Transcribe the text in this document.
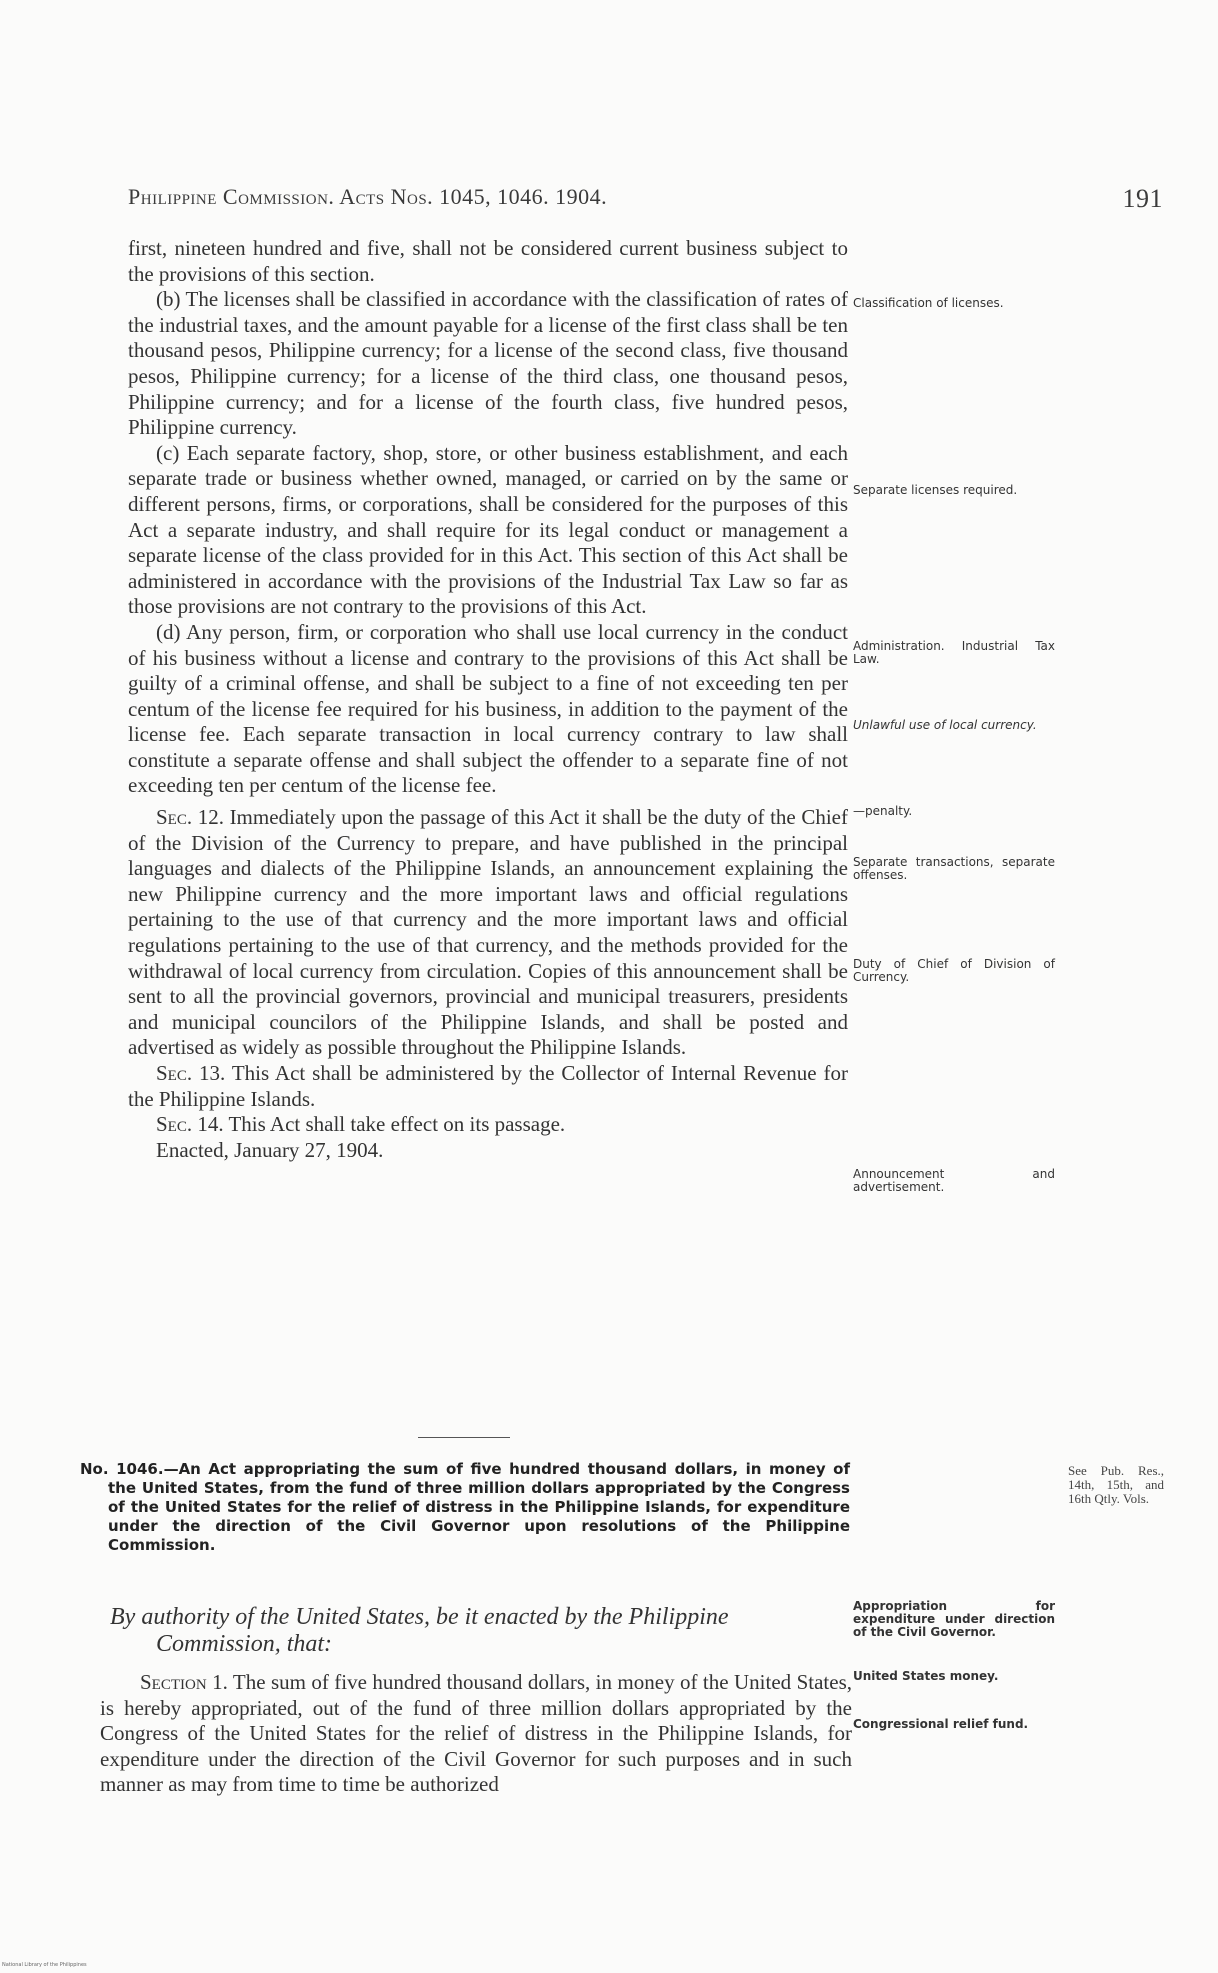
Philippine Commission. Acts Nos. 1045, 1046. 1904.	191

first, nineteen hundred and five, shall not be considered current business subject to the provisions of this section.

(b) The licenses shall be classified in accordance with the classification of rates of the industrial taxes, and the amount payable for a license of the first class shall be ten thousand pesos, Philippine currency; for a license of the second class, five thousand pesos, Philippine currency; for a license of the third class, one thousand pesos, Philippine currency; and for a license of the fourth class, five hundred pesos, Philippine currency.

(c) Each separate factory, shop, store, or other business establishment, and each separate trade or business whether owned, managed, or carried on by the same or different persons, firms, or corporations, shall be considered for the purposes of this Act a separate industry, and shall require for its legal conduct or management a separate license of the class provided for in this Act. This section of this Act shall be administered in accordance with the provisions of the Industrial Tax Law so far as those provisions are not contrary to the provisions of this Act.

(d) Any person, firm, or corporation who shall use local currency in the conduct of his business without a license and contrary to the provisions of this Act shall be guilty of a criminal offense, and shall be subject to a fine of not exceeding ten per centum of the license fee required for his business, in addition to the payment of the license fee. Each separate transaction in local currency contrary to law shall constitute a separate offense and shall subject the offender to a separate fine of not exceeding ten per centum of the license fee.

Sec. 12. Immediately upon the passage of this Act it shall be the duty of the Chief of the Division of the Currency to prepare, and have published in the principal languages and dialects of the Philippine Islands, an announcement explaining the new Philippine currency and the more important laws and official regulations pertaining to the use of that currency and the more important laws and official regulations pertaining to the use of that currency, and the methods provided for the withdrawal of local currency from circulation. Copies of this announcement shall be sent to all the provincial governors, provincial and municipal treasurers, presidents and municipal councilors of the Philippine Islands, and shall be posted and advertised as widely as possible throughout the Philippine Islands.

Sec. 13. This Act shall be administered by the Collector of Internal Revenue for the Philippine Islands.

Sec. 14. This Act shall take effect on its passage.

Enacted, January 27, 1904.

No. 1046.—An Act appropriating the sum of five hundred thousand dollars, in money of the United States, from the fund of three million dollars appropriated by the Congress of the United States for the relief of distress in the Philippine Islands, for expenditure under the direction of the Civil Governor upon resolutions of the Philippine Commission.
See Pub. Res., 14th, 15th, and 16th Qtly. Vols.
By authority of the United States, be it enacted by the Philippine
Commission, that:

Section 1. The sum of five hundred thousand dollars, in money of the United States, is hereby appropriated, out of the fund of three million dollars appropriated by the Congress of the United States for the relief of distress in the Philippine Islands, for expenditure under the direction of the Civil Governor for such purposes and in such manner as may from time to time be authorized

Classification of licenses.
Separate licenses required.
Administration. Industrial Tax Law.
Unlawful use of local currency.
—penalty.
Separate transactions, separate offenses.
Duty of Chief of Division of Currency.
Announcement and advertisement.
Appropriation for expenditure under direction of the Civil Governor.
United States money.
Congressional relief fund.
National Library of the Philippines
